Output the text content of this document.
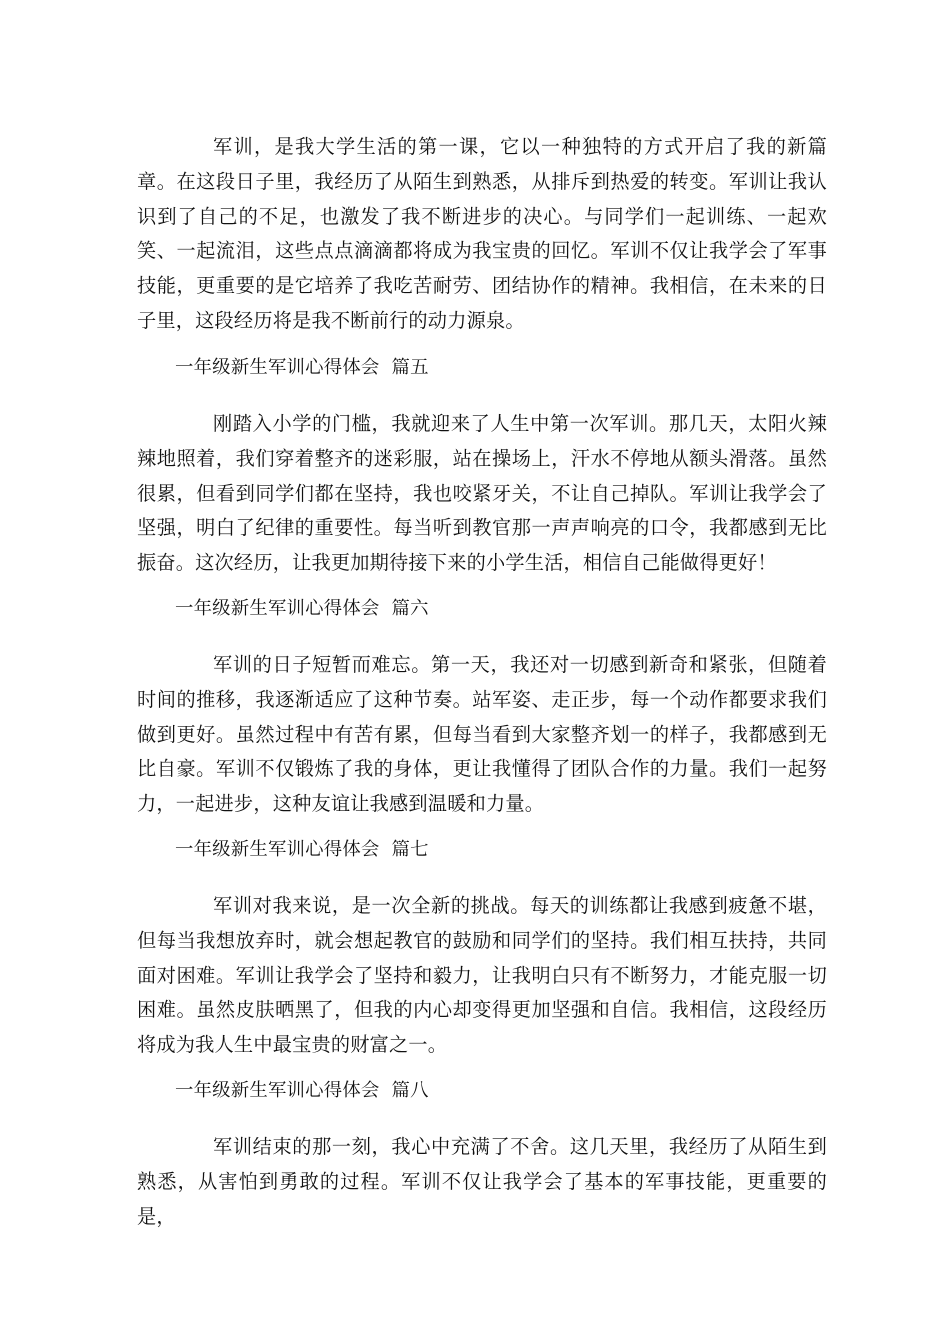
军训，是我大学生活的第一课，它以一种独特的方式开启了我的新篇章。在这段日子里，我经历了从陌生到熟悉，从排斥到热爱的转变。军训让我认识到了自己的不足，也激发了我不断进步的决心。与同学们一起训练、一起欢笑、一起流泪，这些点点滴滴都将成为我宝贵的回忆。军训不仅让我学会了军事技能，更重要的是它培养了我吃苦耐劳、团结协作的精神。我相信，在未来的日子里，这段经历将是我不断前行的动力源泉。

一年级新生军训心得体会 篇五

刚踏入小学的门槛，我就迎来了人生中第一次军训。那几天，太阳火辣辣地照着，我们穿着整齐的迷彩服，站在操场上，汗水不停地从额头滑落。虽然很累，但看到同学们都在坚持，我也咬紧牙关，不让自己掉队。军训让我学会了坚强，明白了纪律的重要性。每当听到教官那一声声响亮的口令，我都感到无比振奋。这次经历，让我更加期待接下来的小学生活，相信自己能做得更好！

一年级新生军训心得体会 篇六

军训的日子短暂而难忘。第一天，我还对一切感到新奇和紧张，但随着时间的推移，我逐渐适应了这种节奏。站军姿、走正步，每一个动作都要求我们做到更好。虽然过程中有苦有累，但每当看到大家整齐划一的样子，我都感到无比自豪。军训不仅锻炼了我的身体，更让我懂得了团队合作的力量。我们一起努力，一起进步，这种友谊让我感到温暖和力量。

一年级新生军训心得体会 篇七

军训对我来说，是一次全新的挑战。每天的训练都让我感到疲惫不堪，但每当我想放弃时，就会想起教官的鼓励和同学们的坚持。我们相互扶持，共同面对困难。军训让我学会了坚持和毅力，让我明白只有不断努力，才能克服一切困难。虽然皮肤晒黑了，但我的内心却变得更加坚强和自信。我相信，这段经历将成为我人生中最宝贵的财富之一。

一年级新生军训心得体会 篇八

军训结束的那一刻，我心中充满了不舍。这几天里，我经历了从陌生到熟悉，从害怕到勇敢的过程。军训不仅让我学会了基本的军事技能，更重要的是，
